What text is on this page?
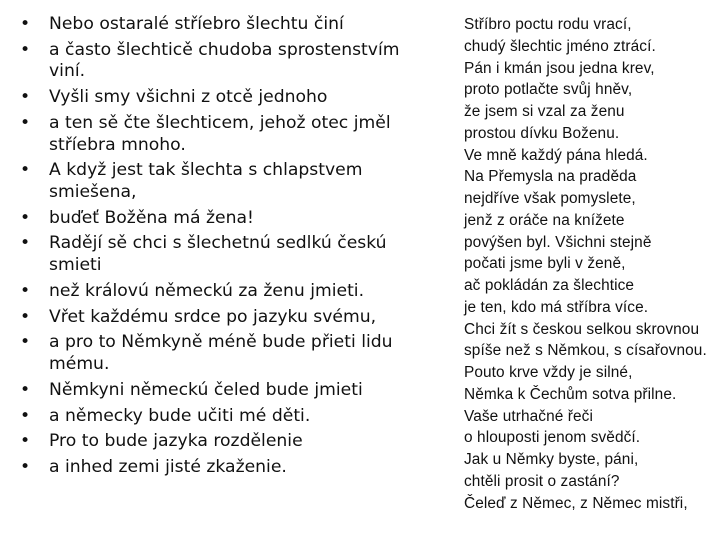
•	Nebo ostaralé stříebro šlechtu činí
•	a často šlechticě chudoba sprostenstvím viní.
•	Vyšli smy všichni z otcě jednoho
•	a ten sě čte šlechticem, jehož otec jměl stříebra mnoho.
•	A když jest tak šlechta s chlapstvem smiešena,
•	buďeť Božěna má žena!
•	Radějí sě chci s šlechetnú sedlkú českú smieti
•	než královú německú za ženu jmieti.
•	Vřet každému srdce po jazyku svému,
•	a pro to Němkyně méně bude přieti lidu mému.
•	Němkyni německú čeled bude jmieti
•	a německy bude učiti mé děti.
•	Pro to bude jazyka rozdělenie
•	a inhed zemi jisté zkaženie.
Stříbro poctu rodu vrací,
chudý šlechtic jméno ztrácí.
Pán i kmán jsou jedna krev,
proto potlačte svůj hněv,
že jsem si vzal za ženu
prostou dívku Boženu.
Ve mně každý pána hledá.
Na Přemysla na praděda
nejdříve však pomyslete,
jenž z oráče na knížete
povýšen byl. Všichni stejně
počati jsme byli v ženě,
ač pokládán za šlechtice
je ten, kdo má stříbra více.
Chci žít s českou selkou skrovnou
spíše než s Němkou, s císařovnou.
Pouto krve vždy je silné,
Němka k Čechům sotva přilne.
Vaše utrhačné řeči
o hlouposti jenom svědčí.
Jak u Němky byste, páni,
chtěli prosit o zastání?
Čeleď z Němec, z Němec mistři,
